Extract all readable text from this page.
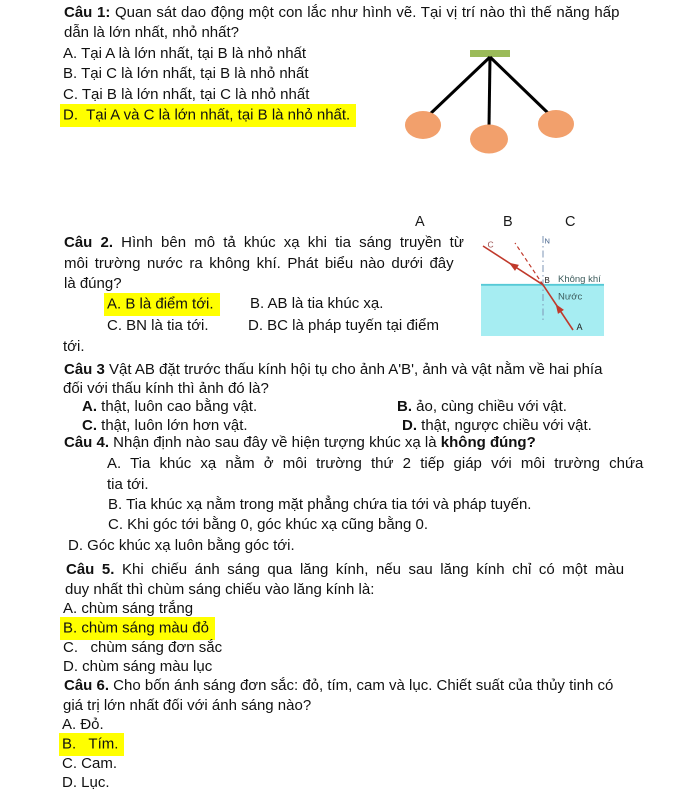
Câu 1: Quan sát dao động một con lắc như hình vẽ. Tại vị trí nào thì thế năng hấp
dẫn là lớn nhất, nhỏ nhất?
A. Tại A là lớn nhất, tại B là nhỏ nhất
B. Tại C là lớn nhất, tại B là nhỏ nhất
C. Tại B là lớn nhất, tại C là nhỏ nhất
D.  Tại A và C là lớn nhất, tại B là nhỏ nhất.
A	B	C
Câu 2. Hình bên mô tả khúc xạ khi tia sáng truyền từ
môi trường nước ra không khí. Phát biểu nào dưới đây
là đúng?
A. B là điểm tới.	B. AB là tia khúc xạ.
C. BN là tia tới.	D. BC là pháp tuyến tại điểm
tới.
N
C
B Không khí
Nước
A
Câu 3 Vật AB đặt trước thấu kính hội tụ cho ảnh A'B', ảnh và vật nằm về hai phía
đối với thấu kính thì ảnh đó là?
A. thật, luôn cao bằng vật.	B. ảo, cùng chiều với vật.
C. thật, luôn lớn hơn vật.	D. thật, ngược chiều với vật.
Câu 4. Nhận định nào sau đây về hiện tượng khúc xạ là không đúng?
A. Tia khúc xạ nằm ở môi trường thứ 2 tiếp giáp với môi trường chứa
tia tới.
B. Tia khúc xạ nằm trong mặt phẳng chứa tia tới và pháp tuyến.
C. Khi góc tới bằng 0, góc khúc xạ cũng bằng 0.
D. Góc khúc xạ luôn bằng góc tới.
Câu 5. Khi chiếu ánh sáng qua lăng kính, nếu sau lăng kính chỉ có một màu
duy nhất thì chùm sáng chiếu vào lăng kính là:
A. chùm sáng trắng
B. chùm sáng màu đỏ
C.   chùm sáng đơn sắc
D. chùm sáng màu lục
Câu 6. Cho bốn ánh sáng đơn sắc: đỏ, tím, cam và lục. Chiết suất của thủy tinh có
giá trị lớn nhất đối với ánh sáng nào?
A. Đỏ.
B.   Tím.
C. Cam.
D. Lục.
